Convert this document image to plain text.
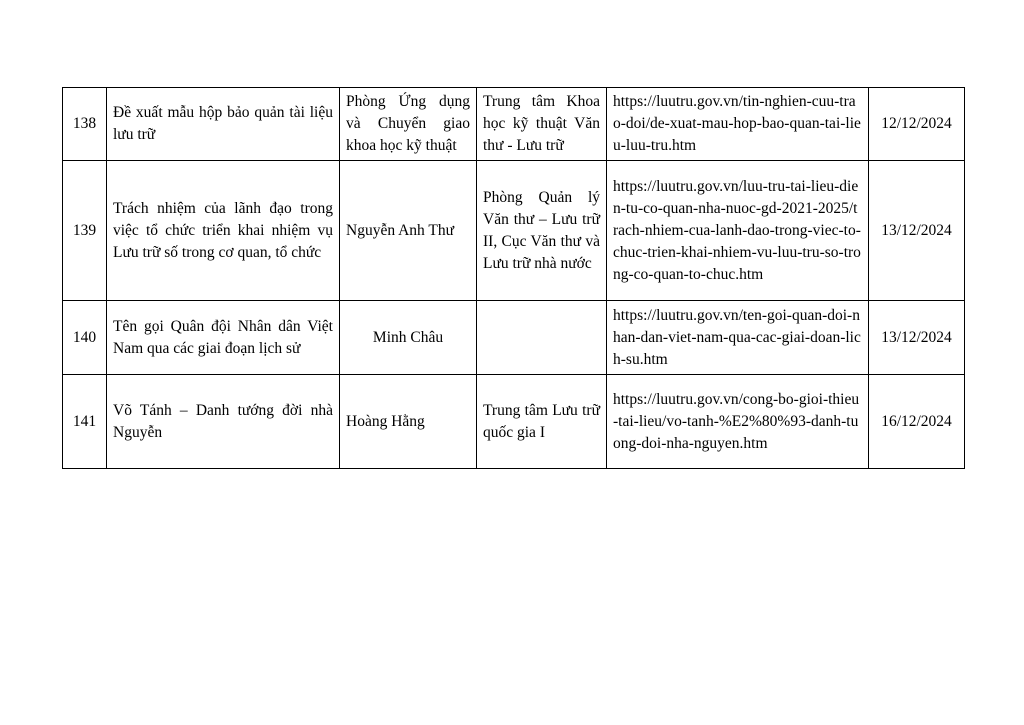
138	Đề xuất mẫu hộp bảo quản tài liệu lưu trữ	Phòng Ứng dụng và Chuyển giao khoa học kỹ thuật	Trung tâm Khoa học kỹ thuật Văn thư - Lưu trữ	https://luutru.gov.vn/tin-nghien-cuu-trao-doi/de-xuat-mau-hop-bao-quan-tai-lieu-luu-tru.htm	12/12/2024
139	Trách nhiệm của lãnh đạo trong việc tổ chức triển khai nhiệm vụ Lưu trữ số trong cơ quan, tổ chức	Nguyễn Anh Thư	Phòng Quản lý Văn thư – Lưu trữ II, Cục Văn thư và Lưu trữ nhà nước	https://luutru.gov.vn/luu-tru-tai-lieu-dien-tu-co-quan-nha-nuoc-gd-2021-2025/trach-nhiem-cua-lanh-dao-trong-viec-to-chuc-trien-khai-nhiem-vu-luu-tru-so-trong-co-quan-to-chuc.htm	13/12/2024
140	Tên gọi Quân đội Nhân dân Việt Nam qua các giai đoạn lịch sử	Minh Châu		https://luutru.gov.vn/ten-goi-quan-doi-nhan-dan-viet-nam-qua-cac-giai-doan-lich-su.htm	13/12/2024
141	Võ Tánh – Danh tướng đời nhà Nguyễn	Hoàng Hằng	Trung tâm Lưu trữ quốc gia I	https://luutru.gov.vn/cong-bo-gioi-thieu-tai-lieu/vo-tanh-%E2%80%93-danh-tuong-doi-nha-nguyen.htm	16/12/2024
